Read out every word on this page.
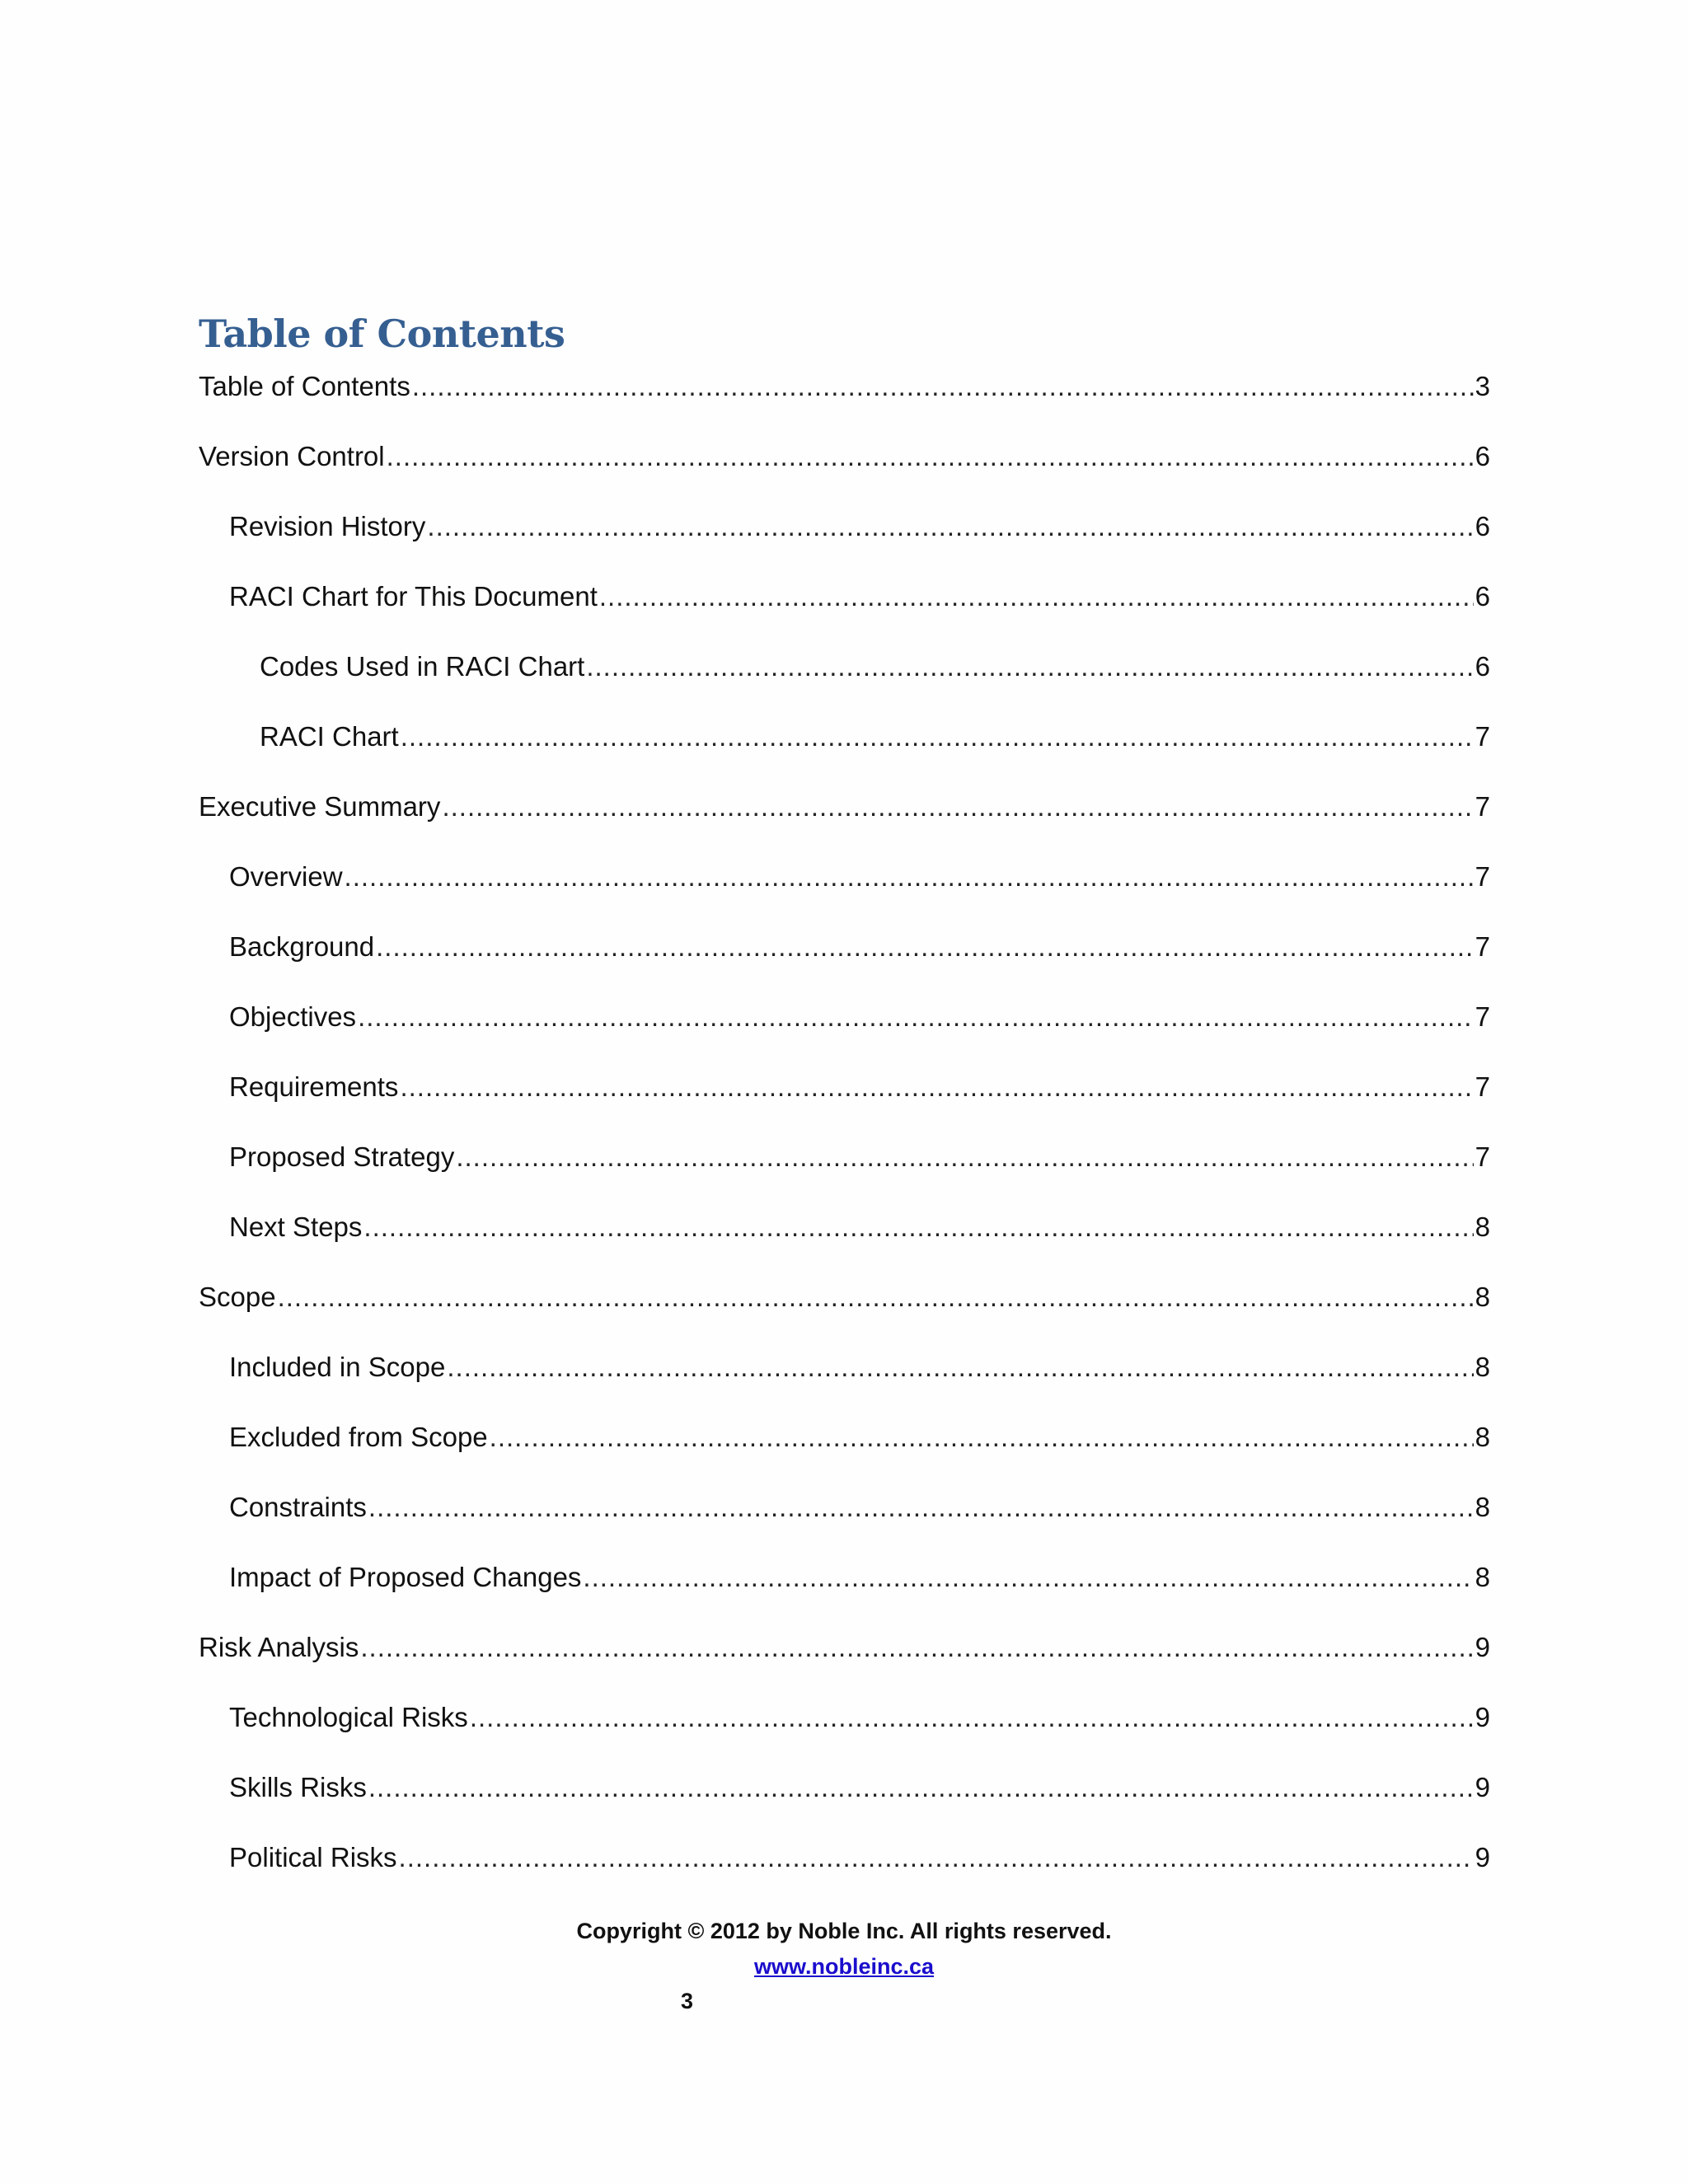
Table of Contents
Table of Contents .....	3
Version Control .....	6
Revision History .....	6
RACI Chart for This Document .....	6
Codes Used in RACI Chart .....	6
RACI Chart .....	7
Executive Summary .....	7
Overview .....	7
Background .....	7
Objectives .....	7
Requirements .....	7
Proposed Strategy .....	7
Next Steps .....	8
Scope .....	8
Included in Scope .....	8
Excluded from Scope .....	8
Constraints .....	8
Impact of Proposed Changes .....	8
Risk Analysis .....	9
Technological Risks .....	9
Skills Risks .....	9
Political Risks .....	9
Copyright © 2012 by Noble Inc. All rights reserved.
www.nobleinc.ca
3
